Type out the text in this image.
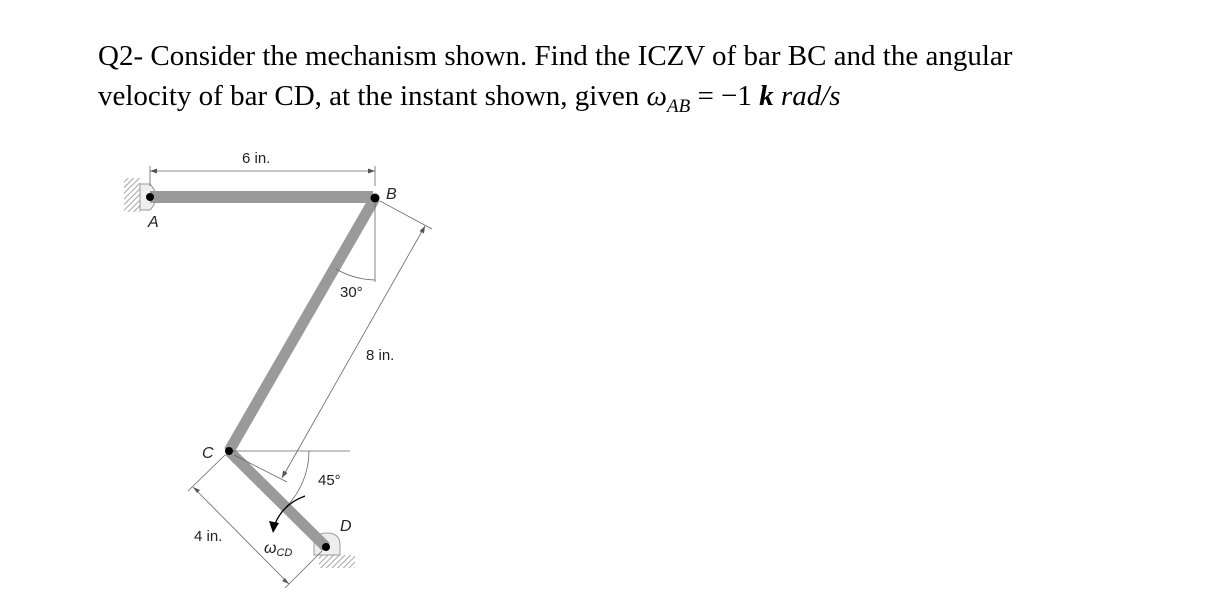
Q2- Consider the mechanism shown. Find the ICZV of bar BC and the angular
velocity of bar CD, at the instant shown, given $\omega_{AB} = -1$ k rad/s
6 in.
8 in.
4 in.
30°
45°
ωCD
A
B
C
D
